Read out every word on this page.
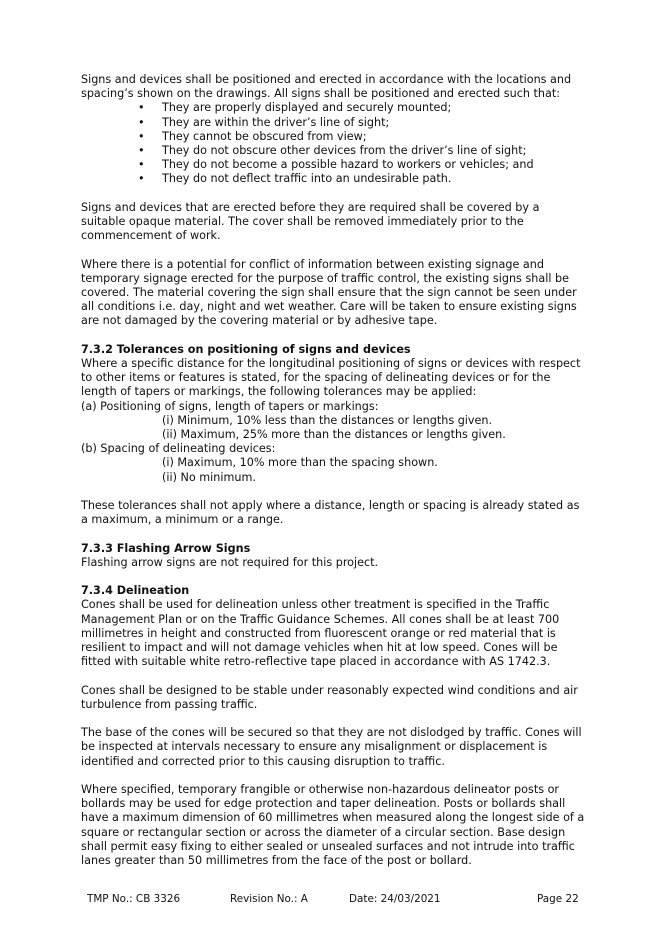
Signs and devices shall be positioned and erected in accordance with the locations and spacing’s shown on the drawings. All signs shall be positioned and erected such that:

• They are properly displayed and securely mounted;
• They are within the driver’s line of sight;
• They cannot be obscured from view;
• They do not obscure other devices from the driver’s line of sight;
• They do not become a possible hazard to workers or vehicles; and
• They do not deflect traffic into an undesirable path.

Signs and devices that are erected before they are required shall be covered by a suitable opaque material. The cover shall be removed immediately prior to the commencement of work.

Where there is a potential for conflict of information between existing signage and temporary signage erected for the purpose of traffic control, the existing signs shall be covered. The material covering the sign shall ensure that the sign cannot be seen under all conditions i.e. day, night and wet weather. Care will be taken to ensure existing signs are not damaged by the covering material or by adhesive tape.

7.3.2 Tolerances on positioning of signs and devices

Where a specific distance for the longitudinal positioning of signs or devices with respect to other items or features is stated, for the spacing of delineating devices or for the length of tapers or markings, the following tolerances may be applied:

(a) Positioning of signs, length of tapers or markings:
(i) Minimum, 10% less than the distances or lengths given.
(ii) Maximum, 25% more than the distances or lengths given.
(b) Spacing of delineating devices:
(i) Maximum, 10% more than the spacing shown.
(ii) No minimum.

These tolerances shall not apply where a distance, length or spacing is already stated as a maximum, a minimum or a range.

7.3.3 Flashing Arrow Signs

Flashing arrow signs are not required for this project.

7.3.4 Delineation

Cones shall be used for delineation unless other treatment is specified in the Traffic Management Plan or on the Traffic Guidance Schemes. All cones shall be at least 700 millimetres in height and constructed from fluorescent orange or red material that is resilient to impact and will not damage vehicles when hit at low speed. Cones will be fitted with suitable white retro-reflective tape placed in accordance with AS 1742.3.

Cones shall be designed to be stable under reasonably expected wind conditions and air turbulence from passing traffic.

The base of the cones will be secured so that they are not dislodged by traffic. Cones will be inspected at intervals necessary to ensure any misalignment or displacement is identified and corrected prior to this causing disruption to traffic.

Where specified, temporary frangible or otherwise non-hazardous delineator posts or bollards may be used for edge protection and taper delineation. Posts or bollards shall have a maximum dimension of 60 millimetres when measured along the longest side of a square or rectangular section or across the diameter of a circular section. Base design shall permit easy fixing to either sealed or unsealed surfaces and not intrude into traffic lanes greater than 50 millimetres from the face of the post or bollard.

TMP No.: CB 3326	Revision No.: A	Date: 24/03/2021	Page 22
